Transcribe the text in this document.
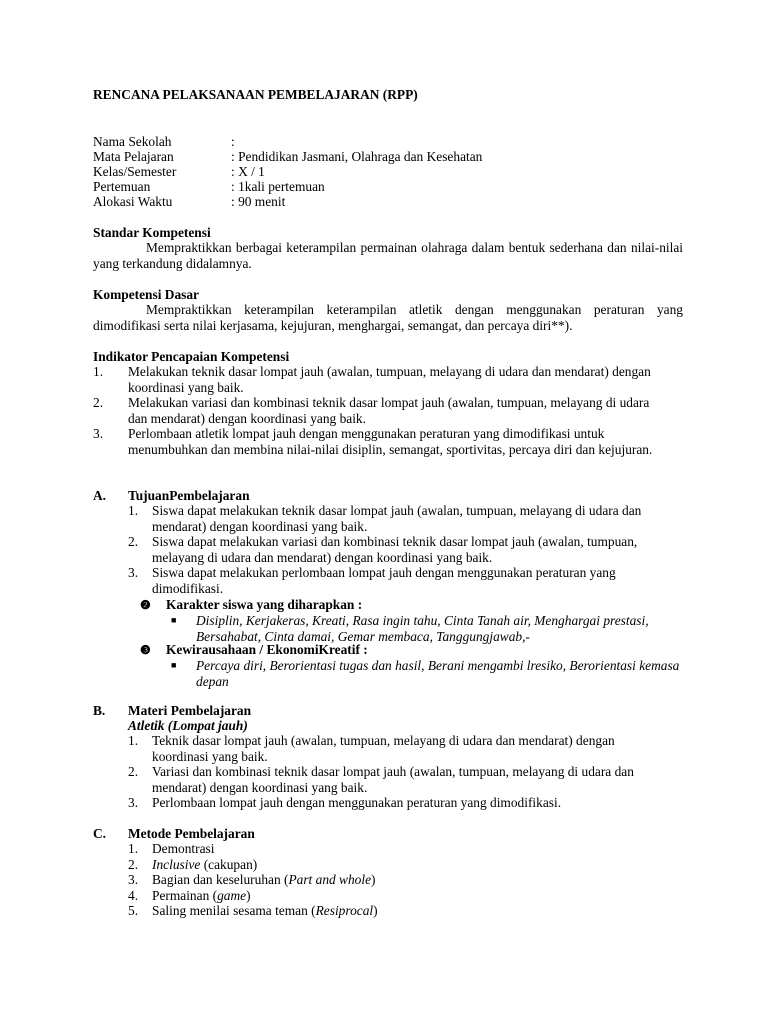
RENCANA PELAKSANAAN PEMBELAJARAN (RPP)
Nama Sekolah	:
Mata Pelajaran	: Pendidikan Jasmani, Olahraga dan Kesehatan
Kelas/Semester	: X / 1
Pertemuan	: 1kali pertemuan
Alokasi Waktu	: 90 menit
Standar Kompetensi
Mempraktikkan berbagai keterampilan permainan olahraga dalam bentuk sederhana dan nilai-nilai yang terkandung didalamnya.
Kompetensi Dasar
Mempraktikkan keterampilan keterampilan atletik dengan menggunakan peraturan yang dimodifikasi serta nilai kerjasama, kejujuran, menghargai, semangat, dan percaya diri**).
Indikator Pencapaian Kompetensi
1. Melakukan teknik dasar lompat jauh (awalan, tumpuan, melayang di udara dan mendarat) dengan koordinasi yang baik.
2. Melakukan variasi dan kombinasi teknik dasar lompat jauh (awalan, tumpuan, melayang di udara dan mendarat) dengan koordinasi yang baik.
3. Perlombaan atletik lompat jauh dengan menggunakan peraturan yang dimodifikasi untuk menumbuhkan dan membina nilai-nilai disiplin, semangat, sportivitas, percaya diri dan kejujuran.
A. TujuanPembelajaran
1. Siswa dapat melakukan teknik dasar lompat jauh (awalan, tumpuan, melayang di udara dan mendarat) dengan koordinasi yang baik.
2. Siswa dapat melakukan variasi dan kombinasi teknik dasar lompat jauh (awalan, tumpuan, melayang di udara dan mendarat) dengan koordinasi yang baik.
3. Siswa dapat melakukan perlombaan lompat jauh dengan menggunakan peraturan yang dimodifikasi.
❷ Karakter siswa yang diharapkan :
■	Disiplin, Kerjakeras, Kreati, Rasa ingin tahu, Cinta Tanah air, Menghargai prestasi, Bersahabat, Cinta damai, Gemar membaca, Tanggungjawab,-
❸ Kewirausahaan / EkonomiKreatif :
■	Percaya diri, Berorientasi tugas dan hasil, Berani mengambi lresiko, Berorientasi kemasa depan
B. Materi Pembelajaran
Atletik (Lompat jauh)
1. Teknik dasar lompat jauh (awalan, tumpuan, melayang di udara dan mendarat) dengan koordinasi yang baik.
2. Variasi dan kombinasi teknik dasar lompat jauh (awalan, tumpuan, melayang di udara dan mendarat) dengan koordinasi yang baik.
3. Perlombaan lompat jauh dengan menggunakan peraturan yang dimodifikasi.
C. Metode Pembelajaran
1. Demontrasi
2. Inclusive (cakupan)
3. Bagian dan keseluruhan (Part and whole)
4. Permainan (game)
5. Saling menilai sesama teman (Resiprocal)
